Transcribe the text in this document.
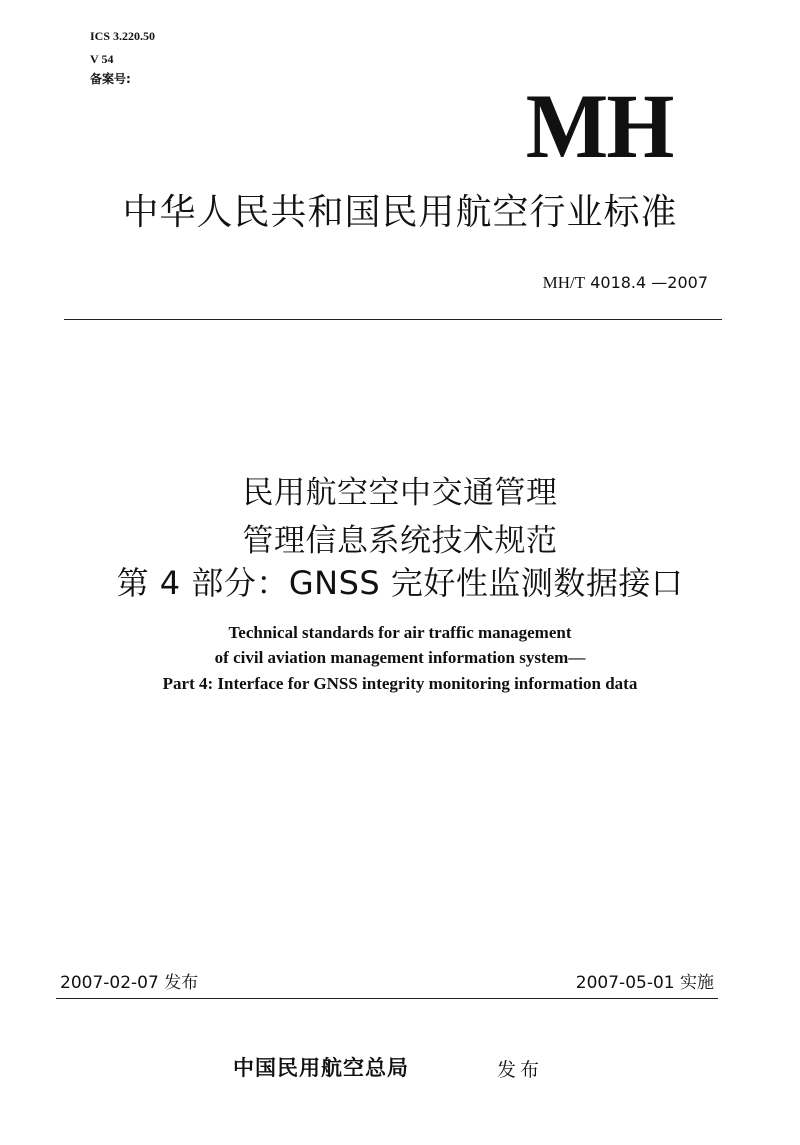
ICS 3.220.50
V 54
备案号:	MH
中华人民共和国民用航空行业标准
MH/T 4018.4 —2007
民用航空空中交通管理
管理信息系统技术规范
第 4 部分：GNSS 完好性监测数据接口
Technical standards for air traffic management
of civil aviation management information system—
Part 4: Interface for GNSS integrity monitoring information data
2007-02-07 发布	2007-05-01 实施
中国民用航空总局	发布
